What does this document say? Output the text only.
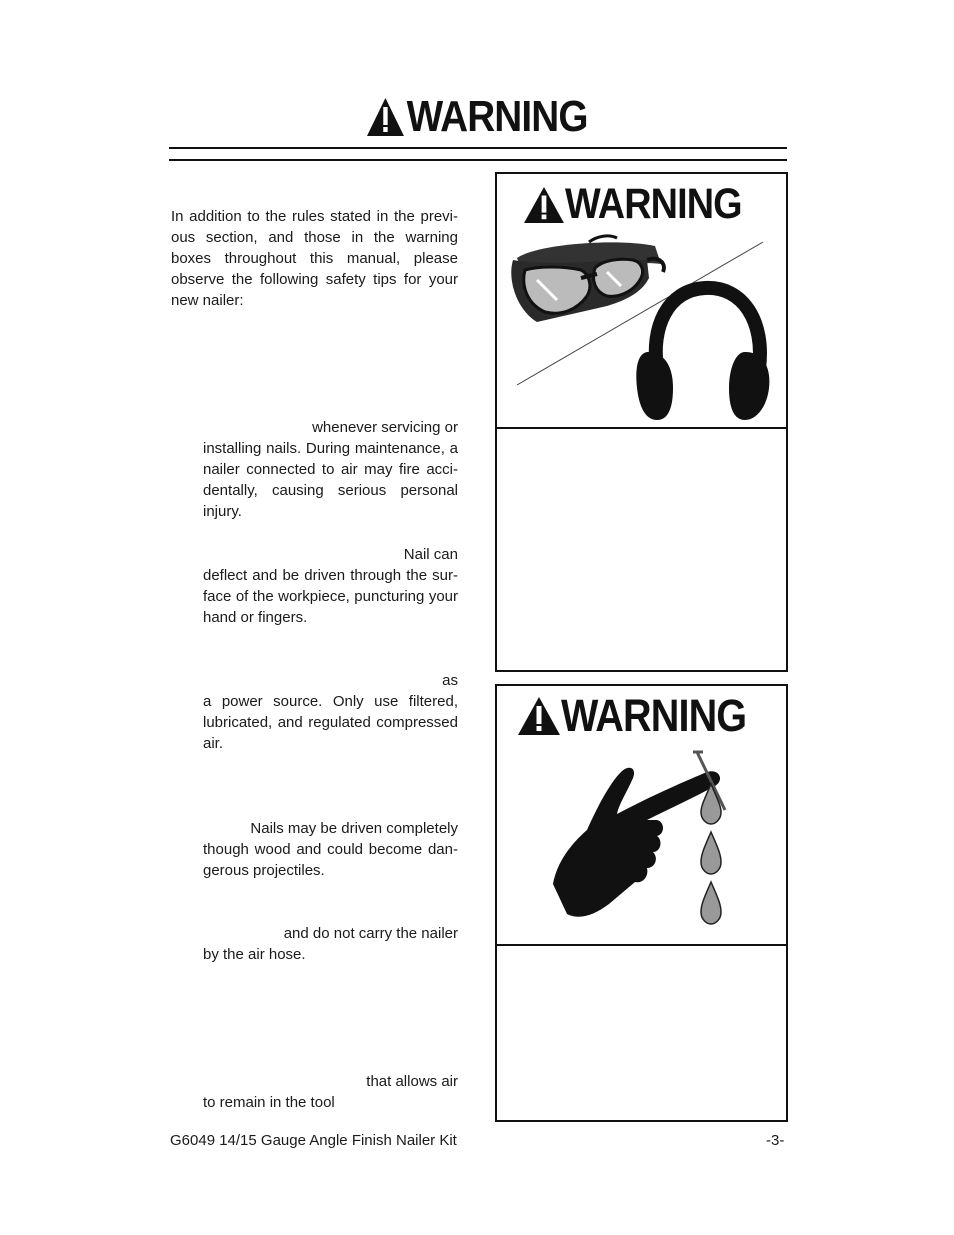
WARNING

In addition to the rules stated in the previ-ous section, and those in the warning boxes throughout this manual, please observe the following safety tips for your new nailer:

whenever servicing or

installing nails. During maintenance, a nailer connected to air may fire acci-dentally, causing serious personal injury.

Nail can

deflect and be driven through the sur-face of the workpiece, puncturing your hand or fingers.

as

a power source. Only use filtered, lubricated, and regulated compressed air.

Nails may be driven completely

though wood and could become dan-gerous projectiles.

and do not carry the nailer

by the air hose.

that allows air

to remain in the tool

WARNING
WARNING
G6049 14/15 Gauge Angle Finish Nailer Kit	-3-
